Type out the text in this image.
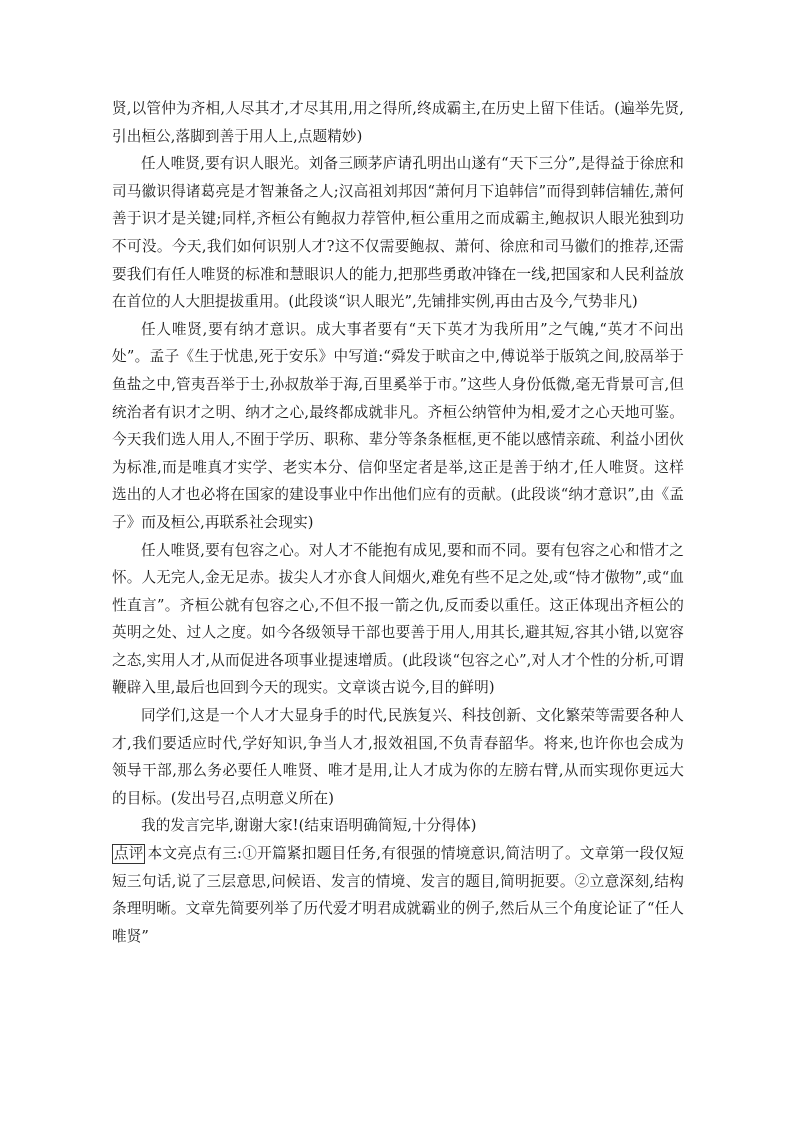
贤,以管仲为齐相,人尽其才,才尽其用,用之得所,终成霸主,在历史上留下佳话。(遍举先贤,引出桓公,落脚到善于用人上,点题精妙)

任人唯贤,要有识人眼光。刘备三顾茅庐请孔明出山遂有“天下三分”,是得益于徐庶和司马徽识得诸葛亮是才智兼备之人;汉高祖刘邦因“萧何月下追韩信”而得到韩信辅佐,萧何善于识才是关键;同样,齐桓公有鲍叔力荐管仲,桓公重用之而成霸主,鲍叔识人眼光独到功不可没。今天,我们如何识别人才?这不仅需要鲍叔、萧何、徐庶和司马徽们的推荐,还需要我们有任人唯贤的标准和慧眼识人的能力,把那些勇敢冲锋在一线,把国家和人民利益放在首位的人大胆提拔重用。(此段谈“识人眼光”,先铺排实例,再由古及今,气势非凡)

任人唯贤,要有纳才意识。成大事者要有“天下英才为我所用”之气魄,“英才不问出处”。孟子《生于忧患,死于安乐》中写道:“舜发于畎亩之中,傅说举于版筑之间,胶鬲举于鱼盐之中,管夷吾举于士,孙叔敖举于海,百里奚举于市。”这些人身份低微,毫无背景可言,但统治者有识才之明、纳才之心,最终都成就非凡。齐桓公纳管仲为相,爱才之心天地可鉴。今天我们选人用人,不囿于学历、职称、辈分等条条框框,更不能以感情亲疏、利益小团伙为标准,而是唯真才实学、老实本分、信仰坚定者是举,这正是善于纳才,任人唯贤。这样选出的人才也必将在国家的建设事业中作出他们应有的贡献。(此段谈“纳才意识”,由《孟子》而及桓公,再联系社会现实)

任人唯贤,要有包容之心。对人才不能抱有成见,要和而不同。要有包容之心和惜才之怀。人无完人,金无足赤。拔尖人才亦食人间烟火,难免有些不足之处,或“恃才傲物”,或“血性直言”。齐桓公就有包容之心,不但不报一箭之仇,反而委以重任。这正体现出齐桓公的英明之处、过人之度。如今各级领导干部也要善于用人,用其长,避其短,容其小错,以宽容之态,实用人才,从而促进各项事业提速增质。(此段谈“包容之心”,对人才个性的分析,可谓鞭辟入里,最后也回到今天的现实。文章谈古说今,目的鲜明)

同学们,这是一个人才大显身手的时代,民族复兴、科技创新、文化繁荣等需要各种人才,我们要适应时代,学好知识,争当人才,报效祖国,不负青春韶华。将来,也许你也会成为领导干部,那么务必要任人唯贤、唯才是用,让人才成为你的左膀右臂,从而实现你更远大的目标。(发出号召,点明意义所在)

我的发言完毕,谢谢大家!(结束语明确简短,十分得体)

点评 本文亮点有三:①开篇紧扣题目任务,有很强的情境意识,简洁明了。文章第一段仅短短三句话,说了三层意思,问候语、发言的情境、发言的题目,简明扼要。②立意深刻,结构条理明晰。文章先简要列举了历代爱才明君成就霸业的例子,然后从三个角度论证了“任人唯贤”
